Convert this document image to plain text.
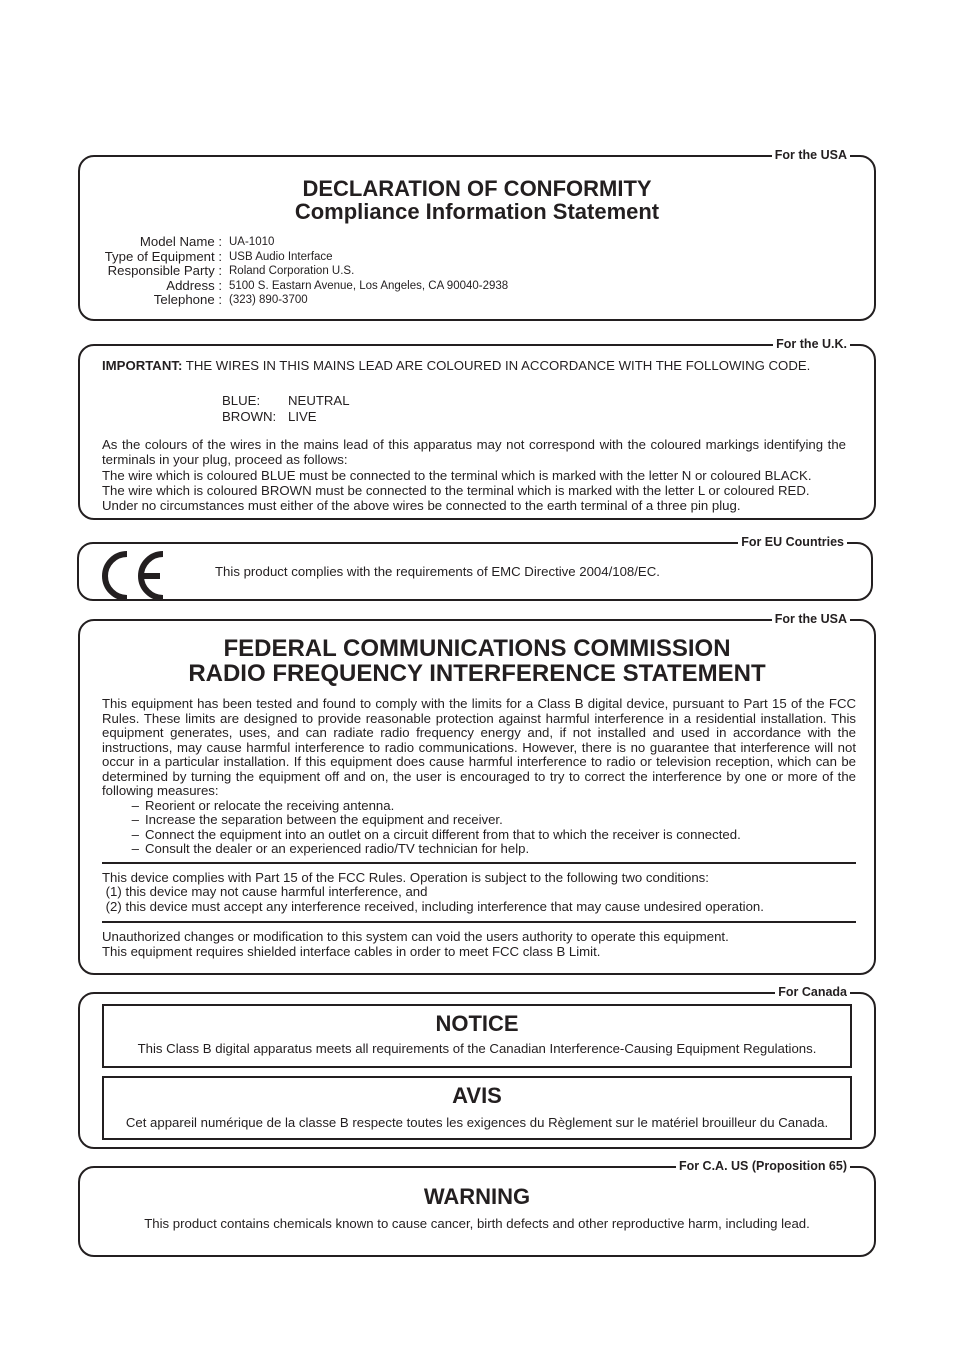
For the USA
DECLARATION OF CONFORMITY
Compliance Information Statement
Model Name : UA-1010
Type of Equipment : USB Audio Interface
Responsible Party : Roland Corporation U.S.
Address : 5100 S. Eastarn Avenue, Los Angeles, CA 90040-2938
Telephone : (323) 890-3700
For the U.K.
IMPORTANT: THE WIRES IN THIS MAINS LEAD ARE COLOURED IN ACCORDANCE WITH THE FOLLOWING CODE.
BLUE:	NEUTRAL
BROWN: LIVE
As the colours of the wires in the mains lead of this apparatus may not correspond with the coloured markings identifying the terminals in your plug, proceed as follows:
The wire which is coloured BLUE must be connected to the terminal which is marked with the letter N or coloured BLACK.
The wire which is coloured BROWN must be connected to the terminal which is marked with the letter L or coloured RED.
Under no circumstances must either of the above wires be connected to the earth terminal of a three pin plug.
For EU Countries
This product complies with the requirements of EMC Directive 2004/108/EC.
For the USA
FEDERAL COMMUNICATIONS COMMISSION
RADIO FREQUENCY INTERFERENCE STATEMENT
This equipment has been tested and found to comply with the limits for a Class B digital device, pursuant to Part 15 of the FCC Rules. These limits are designed to provide reasonable protection against harmful interference in a residential installation. This equipment generates, uses, and can radiate radio frequency energy and, if not installed and used in accordance with the instructions, may cause harmful interference to radio communications. However, there is no guarantee that interference will not occur in a particular installation. If this equipment does cause harmful interference to radio or television reception, which can be determined by turning the equipment off and on, the user is encouraged to try to correct the interference by one or more of the following measures:
– Reorient or relocate the receiving antenna.
– Increase the separation between the equipment and receiver.
– Connect the equipment into an outlet on a circuit different from that to which the receiver is connected.
– Consult the dealer or an experienced radio/TV technician for help.
This device complies with Part 15 of the FCC Rules. Operation is subject to the following two conditions:
(1) this device may not cause harmful interference, and
(2) this device must accept any interference received, including interference that may cause undesired operation.
Unauthorized changes or modification to this system can void the users authority to operate this equipment.
This equipment requires shielded interface cables in order to meet FCC class B Limit.
For Canada
NOTICE
This Class B digital apparatus meets all requirements of the Canadian Interference-Causing Equipment Regulations.
AVIS
Cet appareil numérique de la classe B respecte toutes les exigences du Règlement sur le matériel brouilleur du Canada.
For C.A. US (Proposition 65)
WARNING
This product contains chemicals known to cause cancer, birth defects and other reproductive harm, including lead.
